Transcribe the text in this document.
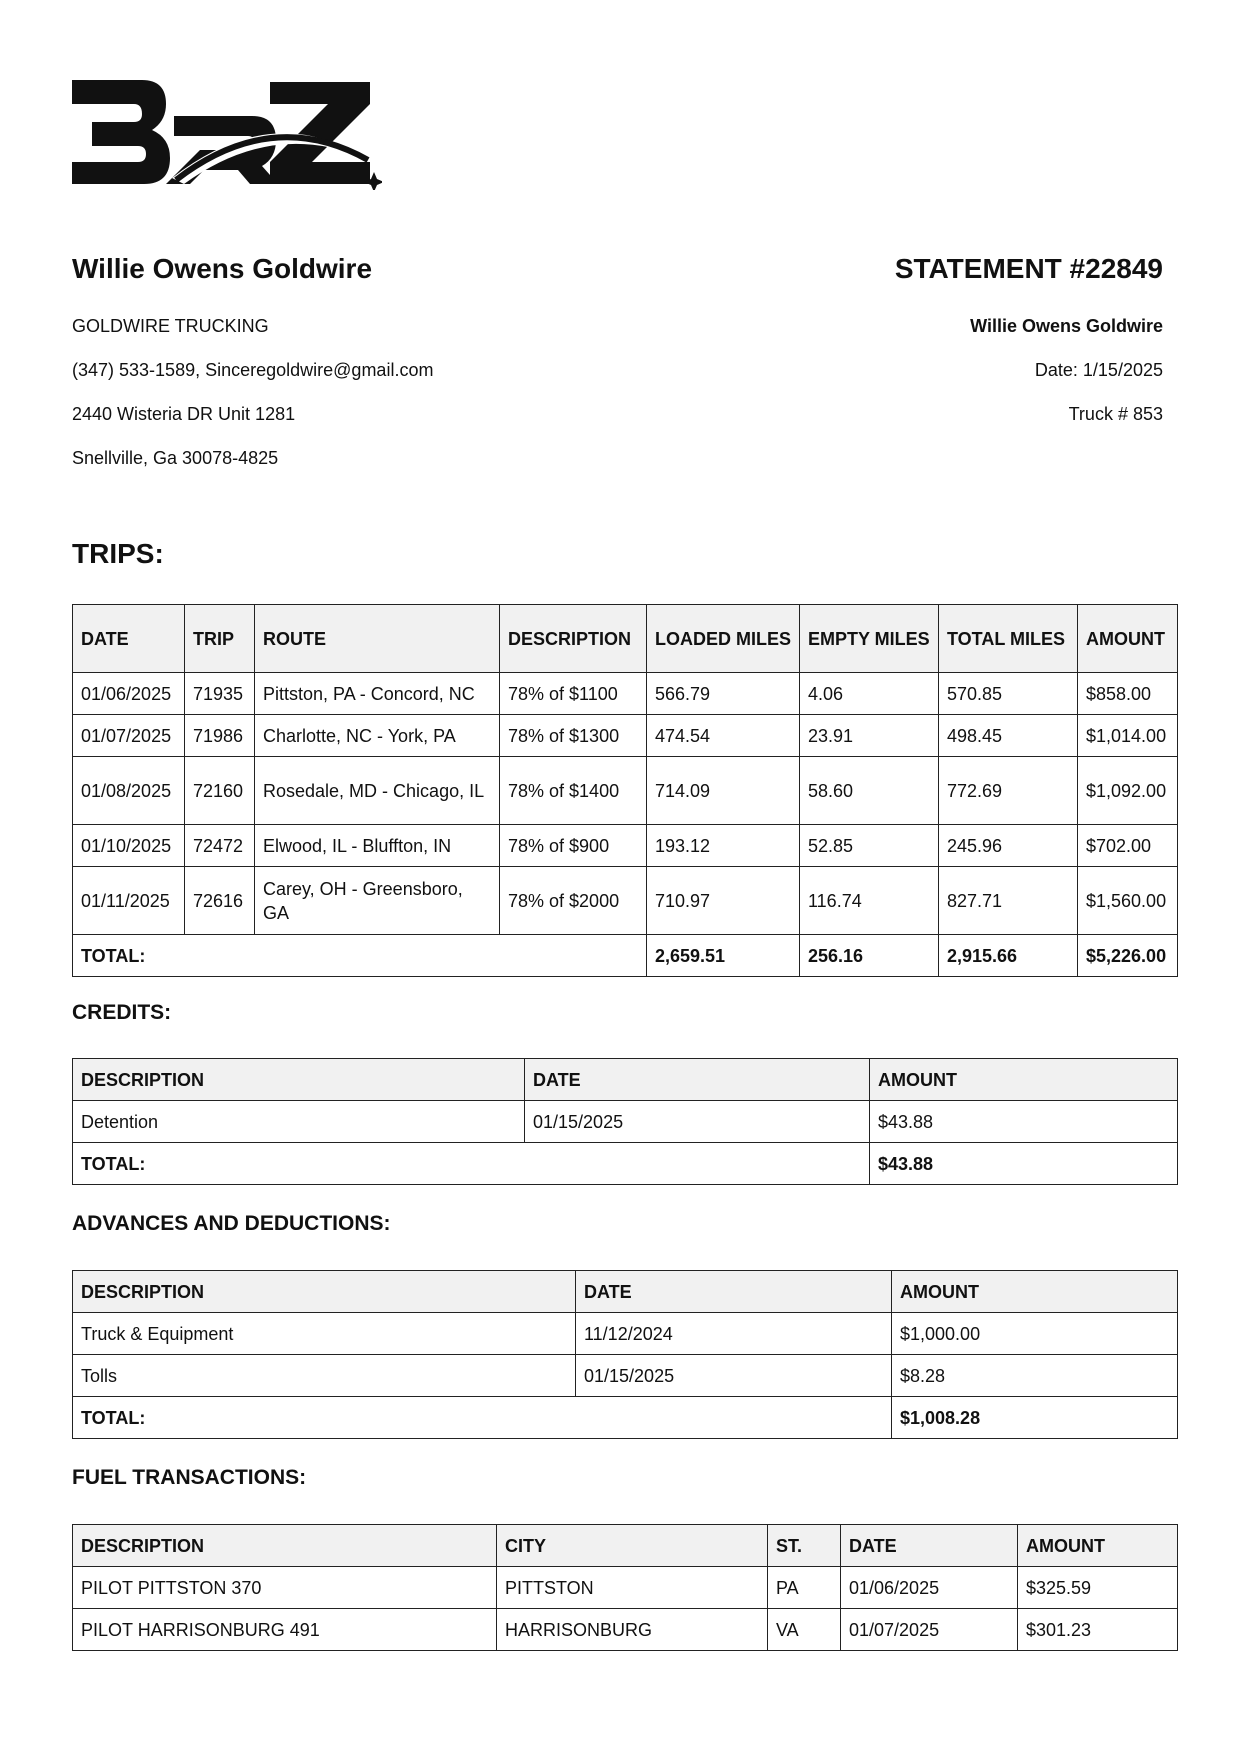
Willie Owens Goldwire	STATEMENT #22849
GOLDWIRE TRUCKING
(347) 533-1589, Sinceregoldwire@gmail.com
2440 Wisteria DR Unit 1281
Snellville, Ga 30078-4825
Willie Owens Goldwire
Date: 1/15/2025
Truck # 853
TRIPS:
DATE	TRIP	ROUTE	DESCRIPTION	LOADED MILES	EMPTY MILES	TOTAL MILES	AMOUNT
01/06/2025	71935	Pittston, PA - Concord, NC	78% of $1100	566.79	4.06	570.85	$858.00
01/07/2025	71986	Charlotte, NC - York, PA	78% of $1300	474.54	23.91	498.45	$1,014.00
01/08/2025	72160	Rosedale, MD - Chicago, IL	78% of $1400	714.09	58.60	772.69	$1,092.00
01/10/2025	72472	Elwood, IL - Bluffton, IN	78% of $900	193.12	52.85	245.96	$702.00
01/11/2025	72616	Carey, OH - Greensboro, GA	78% of $2000	710.97	116.74	827.71	$1,560.00
TOTAL:				2,659.51	256.16	2,915.66	$5,226.00
CREDITS:
DESCRIPTION	DATE	AMOUNT
Detention	01/15/2025	$43.88
TOTAL:		$43.88
ADVANCES AND DEDUCTIONS:
DESCRIPTION	DATE	AMOUNT
Truck & Equipment	11/12/2024	$1,000.00
Tolls	01/15/2025	$8.28
TOTAL:		$1,008.28
FUEL TRANSACTIONS:
DESCRIPTION	CITY	ST.	DATE	AMOUNT
PILOT PITTSTON 370	PITTSTON	PA	01/06/2025	$325.59
PILOT HARRISONBURG 491	HARRISONBURG	VA	01/07/2025	$301.23
